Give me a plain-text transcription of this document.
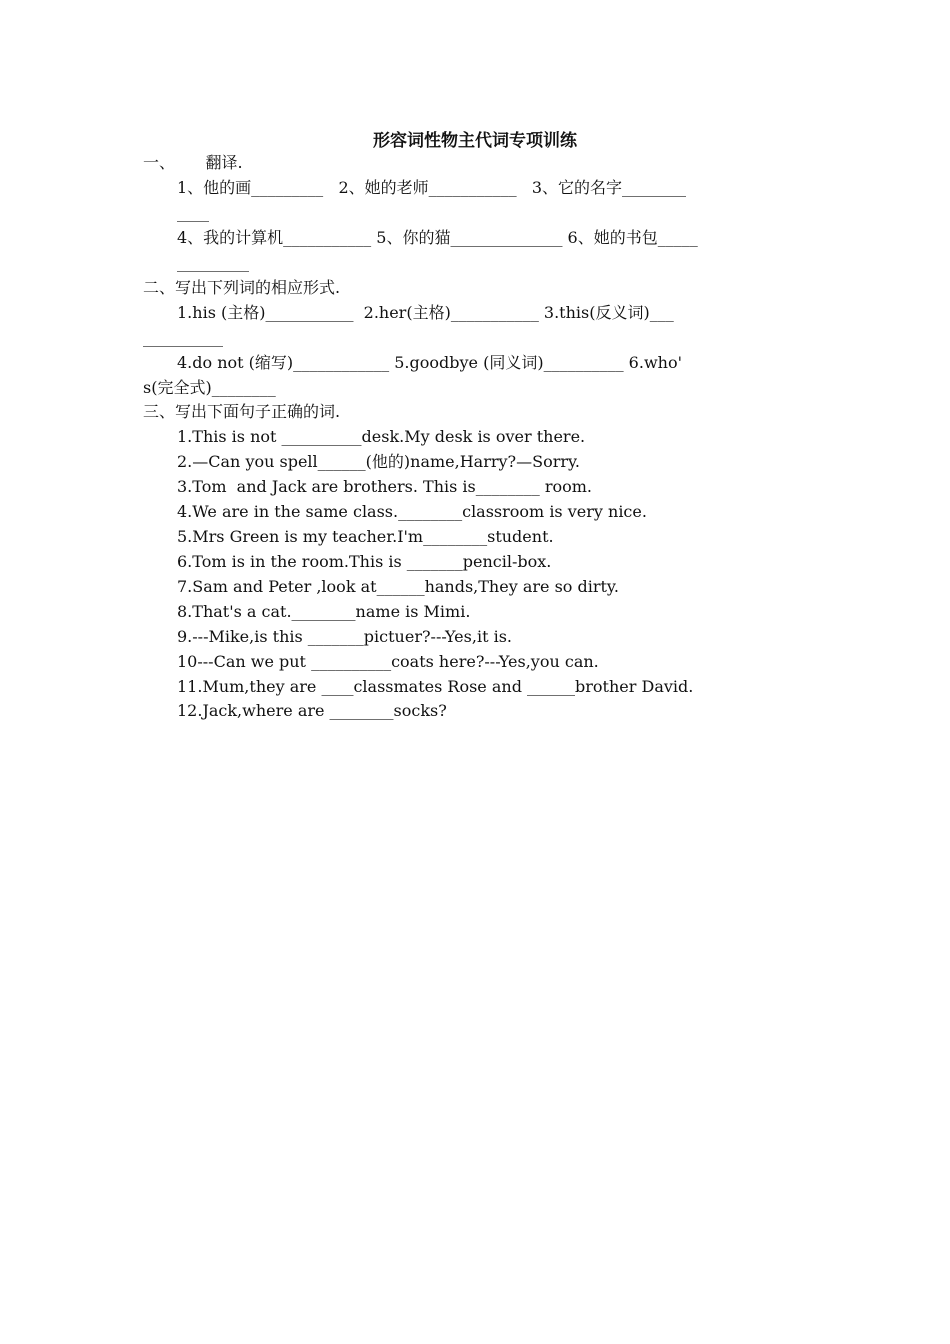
形容词性物主代词专项训练
一、      翻译.
1、他的画_________   2、她的老师___________   3、它的名字________
____
4、我的计算机___________ 5、你的猫______________ 6、她的书包_____
_________
二、写出下列词的相应形式.
1.his (主格)___________  2.her(主格)___________ 3.this(反义词)___
__________
4.do not (缩写)____________ 5.goodbye (同义词)__________ 6.who'
s(完全式)________
三、写出下面句子正确的词.
1.This is not __________desk.My desk is over there.
2.—Can you spell______(他的)name,Harry?—Sorry.
3.Tom  and Jack are brothers. This is________ room.
4.We are in the same class.________classroom is very nice.
5.Mrs Green is my teacher.I'm________student.
6.Tom is in the room.This is _______pencil-box.
7.Sam and Peter ,look at______hands,They are so dirty.
8.That's a cat.________name is Mimi.
9.---Mike,is this _______pictuer?---Yes,it is.
10---Can we put __________coats here?---Yes,you can.
11.Mum,they are ____classmates Rose and ______brother David.
12.Jack,where are ________socks?
